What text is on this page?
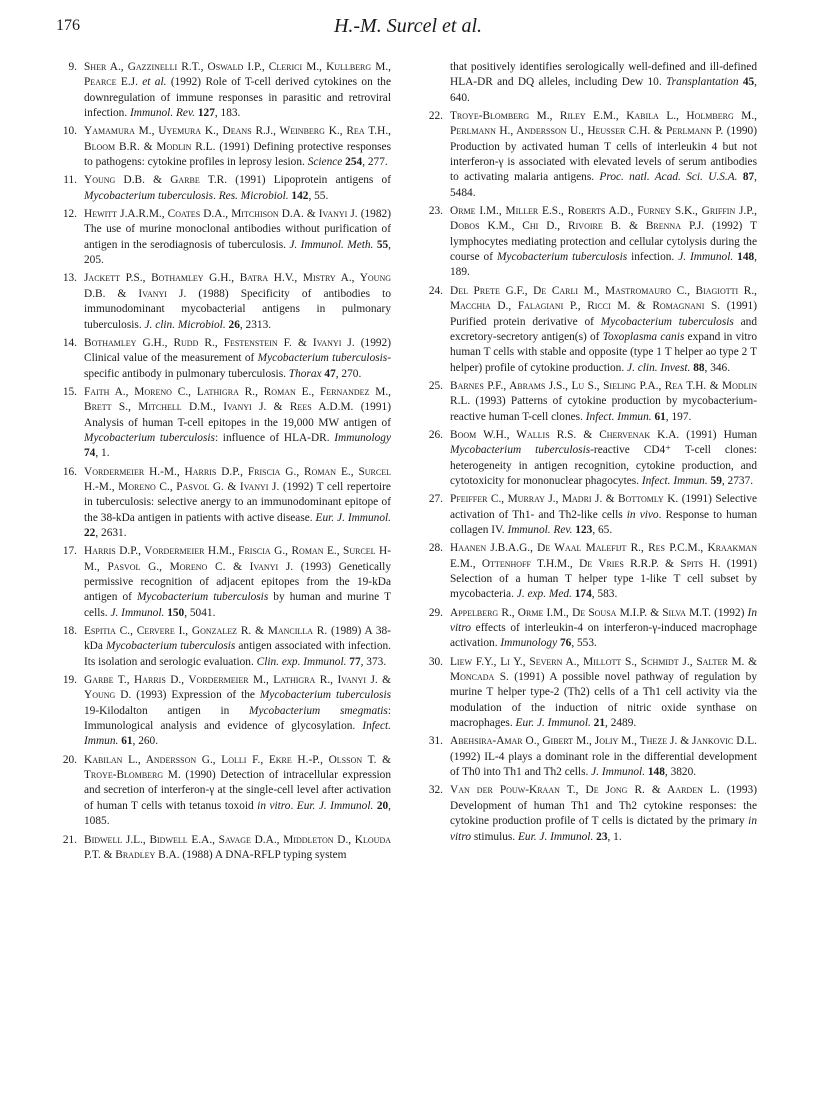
176	H.-M. Surcel et al.

9. Sher A., Gazzinelli R.T., Oswald I.P., Clerici M., Kullberg M., Pearce E.J. et al. (1992) Role of T-cell derived cytokines on the downregulation of immune responses in parasitic and retroviral infection. Immunol. Rev. 127, 183.

10. Yamamura M., Uyemura K., Deans R.J., Weinberg K., Rea T.H., Bloom B.R. & Modlin R.L. (1991) Defining protective responses to pathogens: cytokine profiles in leprosy lesion. Science 254, 277.

11. Young D.B. & Garbe T.R. (1991) Lipoprotein antigens of Mycobacterium tuberculosis. Res. Microbiol. 142, 55.

12. Hewitt J.A.R.M., Coates D.A., Mitchison D.A. & Ivanyi J. (1982) The use of murine monoclonal antibodies without purification of antigen in the serodiagnosis of tuberculosis. J. Immunol. Meth. 55, 205.

13. Jackett P.S., Bothamley G.H., Batra H.V., Mistry A., Young D.B. & Ivanyi J. (1988) Specificity of antibodies to immunodominant mycobacterial antigens in pulmonary tuberculosis. J. clin. Microbiol. 26, 2313.

14. Bothamley G.H., Rudd R., Festenstein F. & Ivanyi J. (1992) Clinical value of the measurement of Mycobacterium tuberculosis-specific antibody in pulmonary tuberculosis. Thorax 47, 270.

15. Faith A., Moreno C., Lathigra R., Roman E., Fernandez M., Brett S., Mitchell D.M., Ivanyi J. & Rees A.D.M. (1991) Analysis of human T-cell epitopes in the 19,000 MW antigen of Mycobacterium tuberculosis: influence of HLA-DR. Immunology 74, 1.

16. Vordermeier H.-M., Harris D.P., Friscia G., Roman E., Surcel H.-M., Moreno C., Pasvol G. & Ivanyi J. (1992) T cell repertoire in tuberculosis: selective anergy to an immunodominant epitope of the 38-kDa antigen in patients with active disease. Eur. J. Immunol. 22, 2631.

17. Harris D.P., Vordermeier H.M., Friscia G., Roman E., Surcel H-M., Pasvol G., Moreno C. & Ivanyi J. (1993) Genetically permissive recognition of adjacent epitopes from the 19-kDa antigen of Mycobacterium tuberculosis by human and murine T cells. J. Immunol. 150, 5041.

18. Espitia C., Cervere I., Gonzalez R. & Mancilla R. (1989) A 38-kDa Mycobacterium tuberculosis antigen associated with infection. Its isolation and serologic evaluation. Clin. exp. Immunol. 77, 373.

19. Garbe T., Harris D., Vordermeier M., Lathigra R., Ivanyi J. & Young D. (1993) Expression of the Mycobacterium tuberculosis 19-Kilodalton antigen in Mycobacterium smegmatis: Immunological analysis and evidence of glycosylation. Infect. Immun. 61, 260.

20. Kabilan L., Andersson G., Lolli F., Ekre H.-P., Olsson T. & Troye-Blomberg M. (1990) Detection of intracellular expression and secretion of interferon-γ at the single-cell level after activation of human T cells with tetanus toxoid in vitro. Eur. J. Immunol. 20, 1085.

21. Bidwell J.L., Bidwell E.A., Savage D.A., Middleton D., Klouda P.T. & Bradley B.A. (1988) A DNA-RFLP typing system

that positively identifies serologically well-defined and ill-defined HLA-DR and DQ alleles, including Dew 10. Transplantation 45, 640.

22. Troye-Blomberg M., Riley E.M., Kabila L., Holmberg M., Perlmann H., Andersson U., Heusser C.H. & Perlmann P. (1990) Production by activated human T cells of interleukin 4 but not interferon-γ is associated with elevated levels of serum antibodies to activating malaria antigens. Proc. natl. Acad. Sci. U.S.A. 87, 5484.

23. Orme I.M., Miller E.S., Roberts A.D., Furney S.K., Griffin J.P., Dobos K.M., Chi D., Rivoire B. & Brenna P.J. (1992) T lymphocytes mediating protection and cellular cytolysis during the course of Mycobacterium tuberculosis infection. J. Immunol. 148, 189.

24. Del Prete G.F., De Carli M., Mastromauro C., Biagiotti R., Macchia D., Falagiani P., Ricci M. & Romagnani S. (1991) Purified protein derivative of Mycobacterium tuberculosis and excretory-secretory antigen(s) of Toxoplasma canis expand in vitro human T cells with stable and opposite (type 1 T helper ao type 2 T helper) profile of cytokine production. J. clin. Invest. 88, 346.

25. Barnes P.F., Abrams J.S., Lu S., Sieling P.A., Rea T.H. & Modlin R.L. (1993) Patterns of cytokine production by mycobacterium-reactive human T-cell clones. Infect. Immun. 61, 197.

26. Boom W.H., Wallis R.S. & Chervenak K.A. (1991) Human Mycobacterium tuberculosis-reactive CD4⁺ T-cell clones: heterogeneity in antigen recognition, cytokine production, and cytotoxicity for mononuclear phagocytes. Infect. Immun. 59, 2737.

27. Pfeiffer C., Murray J., Madri J. & Bottomly K. (1991) Selective activation of Th1- and Th2-like cells in vivo. Response to human collagen IV. Immunol. Rev. 123, 65.

28. Haanen J.B.A.G., De Waal Malefijt R., Res P.C.M., Kraakman E.M., Ottenhoff T.H.M., De Vries R.R.P. & Spits H. (1991) Selection of a human T helper type 1-like T cell subset by mycobacteria. J. exp. Med. 174, 583.

29. Appelberg R., Orme I.M., De Sousa M.I.P. & Silva M.T. (1992) In vitro effects of interleukin-4 on interferon-γ-induced macrophage activation. Immunology 76, 553.

30. Liew F.Y., Li Y., Severn A., Millott S., Schmidt J., Salter M. & Moncada S. (1991) A possible novel pathway of regulation by murine T helper type-2 (Th2) cells of a Th1 cell activity via the modulation of the induction of nitric oxide synthase on macrophages. Eur. J. Immunol. 21, 2489.

31. Abehsira-Amar O., Gibert M., Joliy M., Theze J. & Jankovic D.L. (1992) IL-4 plays a dominant role in the differential development of Th0 into Th1 and Th2 cells. J. Immunol. 148, 3820.

32. Van der Pouw-Kraan T., De Jong R. & Aarden L. (1993) Development of human Th1 and Th2 cytokine responses: the cytokine production profile of T cells is dictated by the primary in vitro stimulus. Eur. J. Immunol. 23, 1.
